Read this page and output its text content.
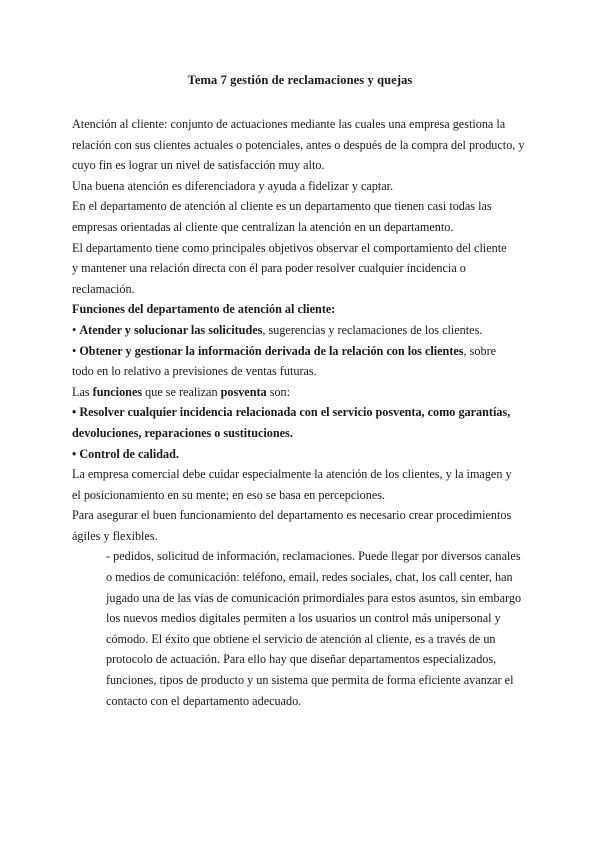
Tema 7 gestión de reclamaciones y quejas

Atención al cliente: conjunto de actuaciones mediante las cuales una empresa gestiona la
relación con sus clientes actuales o potenciales, antes o después de la compra del producto, y
cuyo fin es lograr un nivel de satisfacción muy alto.

Una buena atención es diferenciadora y ayuda a fidelizar y captar.

En el departamento de atención al cliente es un departamento que tienen casi todas las
empresas orientadas al cliente que centralizan la atención en un departamento.

El departamento tiene como principales objetivos observar el comportamiento del cliente
y mantener una relación directa con él para poder resolver cualquier incidencia o
reclamación.

Funciones del departamento de atención al cliente:

• Atender y solucionar las solicitudes, sugerencias y reclamaciones de los clientes.

• Obtener y gestionar la información derivada de la relación con los clientes, sobre
todo en lo relativo a previsiones de ventas futuras.

Las funciones que se realizan posventa son:

• Resolver cualquier incidencia relacionada con el servicio posventa, como garantías,
devoluciones, reparaciones o sustituciones.

• Control de calidad.

La empresa comercial debe cuidar especialmente la atención de los clientes, y la imagen y
el posicionamiento en su mente; en eso se basa en percepciones.

Para asegurar el buen funcionamiento del departamento es necesario crear procedimientos
ágiles y flexibles.

- pedidos, solicitud de información, reclamaciones. Puede llegar por diversos canales
o medios de comunicación: teléfono, email, redes sociales, chat, los call center, han
jugado una de las vías de comunicación primordiales para estos asuntos, sin embargo
los nuevos medios digitales permiten a los usuarios un control más unipersonal y
cómodo. El éxito que obtiene el servicio de atención al cliente, es a través de un
protocolo de actuación. Para ello hay que diseñar departamentos especializados,
funciones, tipos de producto y un sistema que permita de forma eficiente avanzar el
contacto con el departamento adecuado.
